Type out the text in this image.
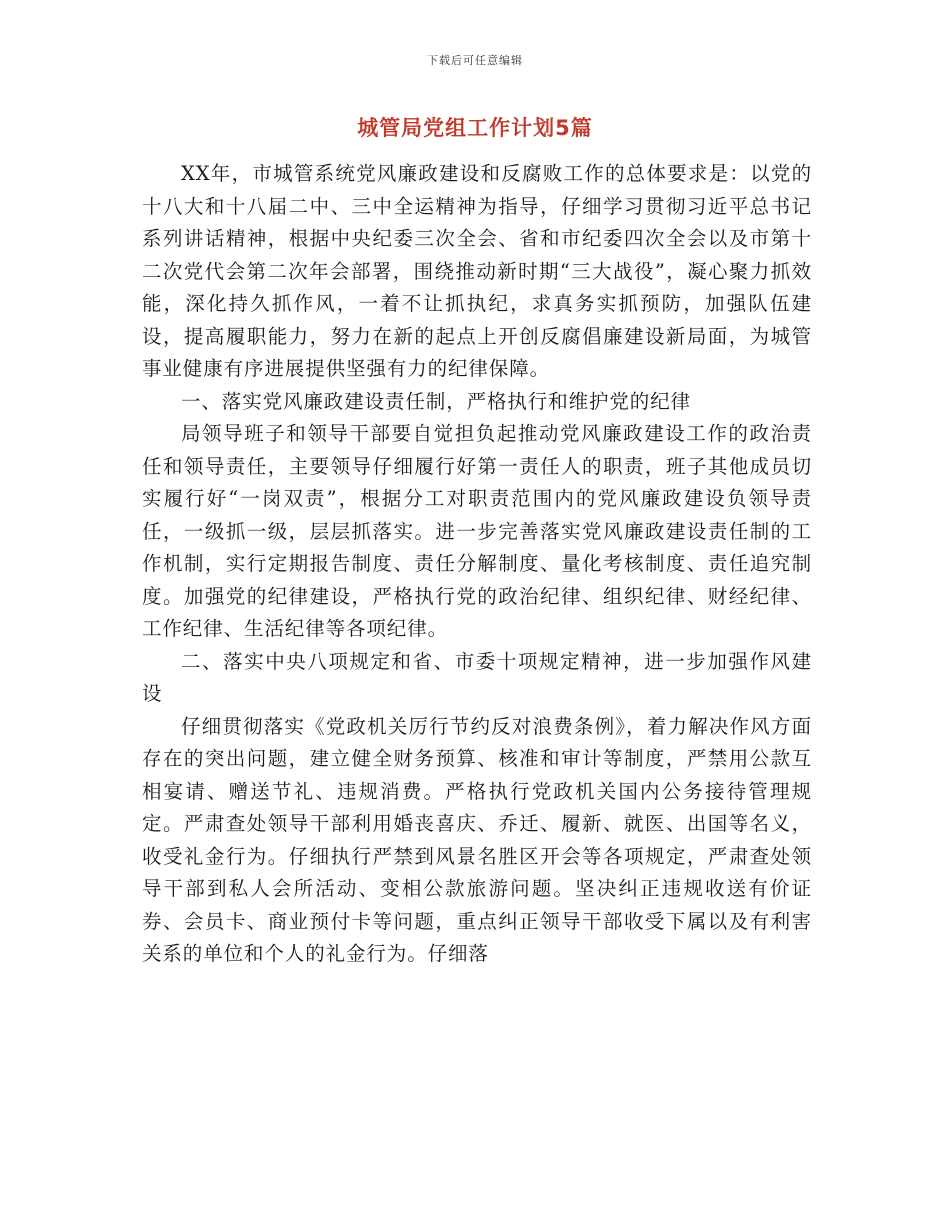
下载后可任意编辑
城管局党组工作计划5篇

XX年，市城管系统党风廉政建设和反腐败工作的总体要求是：以党的十八大和十八届二中、三中全运精神为指导，仔细学习贯彻习近平总书记系列讲话精神，根据中央纪委三次全会、省和市纪委四次全会以及市第十二次党代会第二次年会部署，围绕推动新时期“三大战役”，凝心聚力抓效能，深化持久抓作风，一着不让抓执纪，求真务实抓预防，加强队伍建设，提高履职能力，努力在新的起点上开创反腐倡廉建设新局面，为城管事业健康有序进展提供坚强有力的纪律保障。

一、落实党风廉政建设责任制，严格执行和维护党的纪律

局领导班子和领导干部要自觉担负起推动党风廉政建设工作的政治责任和领导责任，主要领导仔细履行好第一责任人的职责，班子其他成员切实履行好“一岗双责”，根据分工对职责范围内的党风廉政建设负领导责任，一级抓一级，层层抓落实。进一步完善落实党风廉政建设责任制的工作机制，实行定期报告制度、责任分解制度、量化考核制度、责任追究制度。加强党的纪律建设，严格执行党的政治纪律、组织纪律、财经纪律、工作纪律、生活纪律等各项纪律。

二、落实中央八项规定和省、市委十项规定精神，进一步加强作风建设

仔细贯彻落实《党政机关厉行节约反对浪费条例》，着力解决作风方面存在的突出问题，建立健全财务预算、核准和审计等制度，严禁用公款互相宴请、赠送节礼、违规消费。严格执行党政机关国内公务接待管理规定。严肃查处领导干部利用婚丧喜庆、乔迁、履新、就医、出国等名义，收受礼金行为。仔细执行严禁到风景名胜区开会等各项规定，严肃查处领导干部到私人会所活动、变相公款旅游问题。坚决纠正违规收送有价证券、会员卡、商业预付卡等问题，重点纠正领导干部收受下属以及有利害关系的单位和个人的礼金行为。仔细落
